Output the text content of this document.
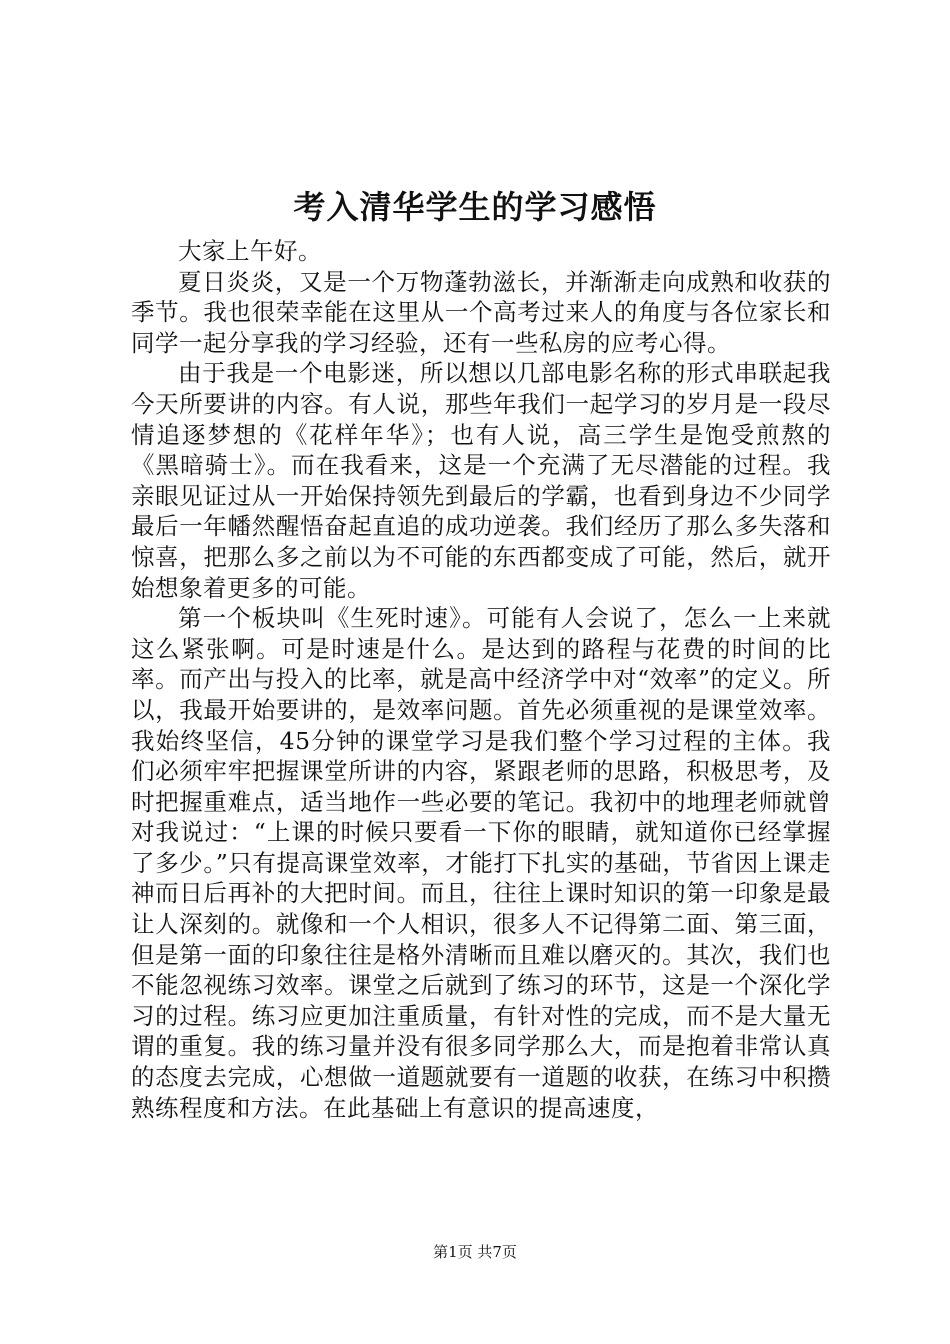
考入清华学生的学习感悟

大家上午好。

夏日炎炎，又是一个万物蓬勃滋长，并渐渐走向成熟和收获的季节。我也很荣幸能在这里从一个高考过来人的角度与各位家长和同学一起分享我的学习经验，还有一些私房的应考心得。

由于我是一个电影迷，所以想以几部电影名称的形式串联起我今天所要讲的内容。有人说，那些年我们一起学习的岁月是一段尽情追逐梦想的《花样年华》；也有人说，高三学生是饱受煎熬的《黑暗骑士》。而在我看来，这是一个充满了无尽潜能的过程。我亲眼见证过从一开始保持领先到最后的学霸，也看到身边不少同学最后一年幡然醒悟奋起直追的成功逆袭。我们经历了那么多失落和惊喜，把那么多之前以为不可能的东西都变成了可能，然后，就开始想象着更多的可能。

第一个板块叫《生死时速》。可能有人会说了，怎么一上来就这么紧张啊。可是时速是什么。是达到的路程与花费的时间的比率。而产出与投入的比率，就是高中经济学中对“效率”的定义。所以，我最开始要讲的，是效率问题。首先必须重视的是课堂效率。我始终坚信，45分钟的课堂学习是我们整个学习过程的主体。我们必须牢牢把握课堂所讲的内容，紧跟老师的思路，积极思考，及时把握重难点，适当地作一些必要的笔记。我初中的地理老师就曾对我说过：“上课的时候只要看一下你的眼睛，就知道你已经掌握了多少。”只有提高课堂效率，才能打下扎实的基础，节省因上课走神而日后再补的大把时间。而且，往往上课时知识的第一印象是最让人深刻的。就像和一个人相识，很多人不记得第二面、第三面，但是第一面的印象往往是格外清晰而且难以磨灭的。其次，我们也不能忽视练习效率。课堂之后就到了练习的环节，这是一个深化学习的过程。练习应更加注重质量，有针对性的完成，而不是大量无谓的重复。我的练习量并没有很多同学那么大，而是抱着非常认真的态度去完成，心想做一道题就要有一道题的收获，在练习中积攒熟练程度和方法。在此基础上有意识的提高速度，

第1页 共7页
